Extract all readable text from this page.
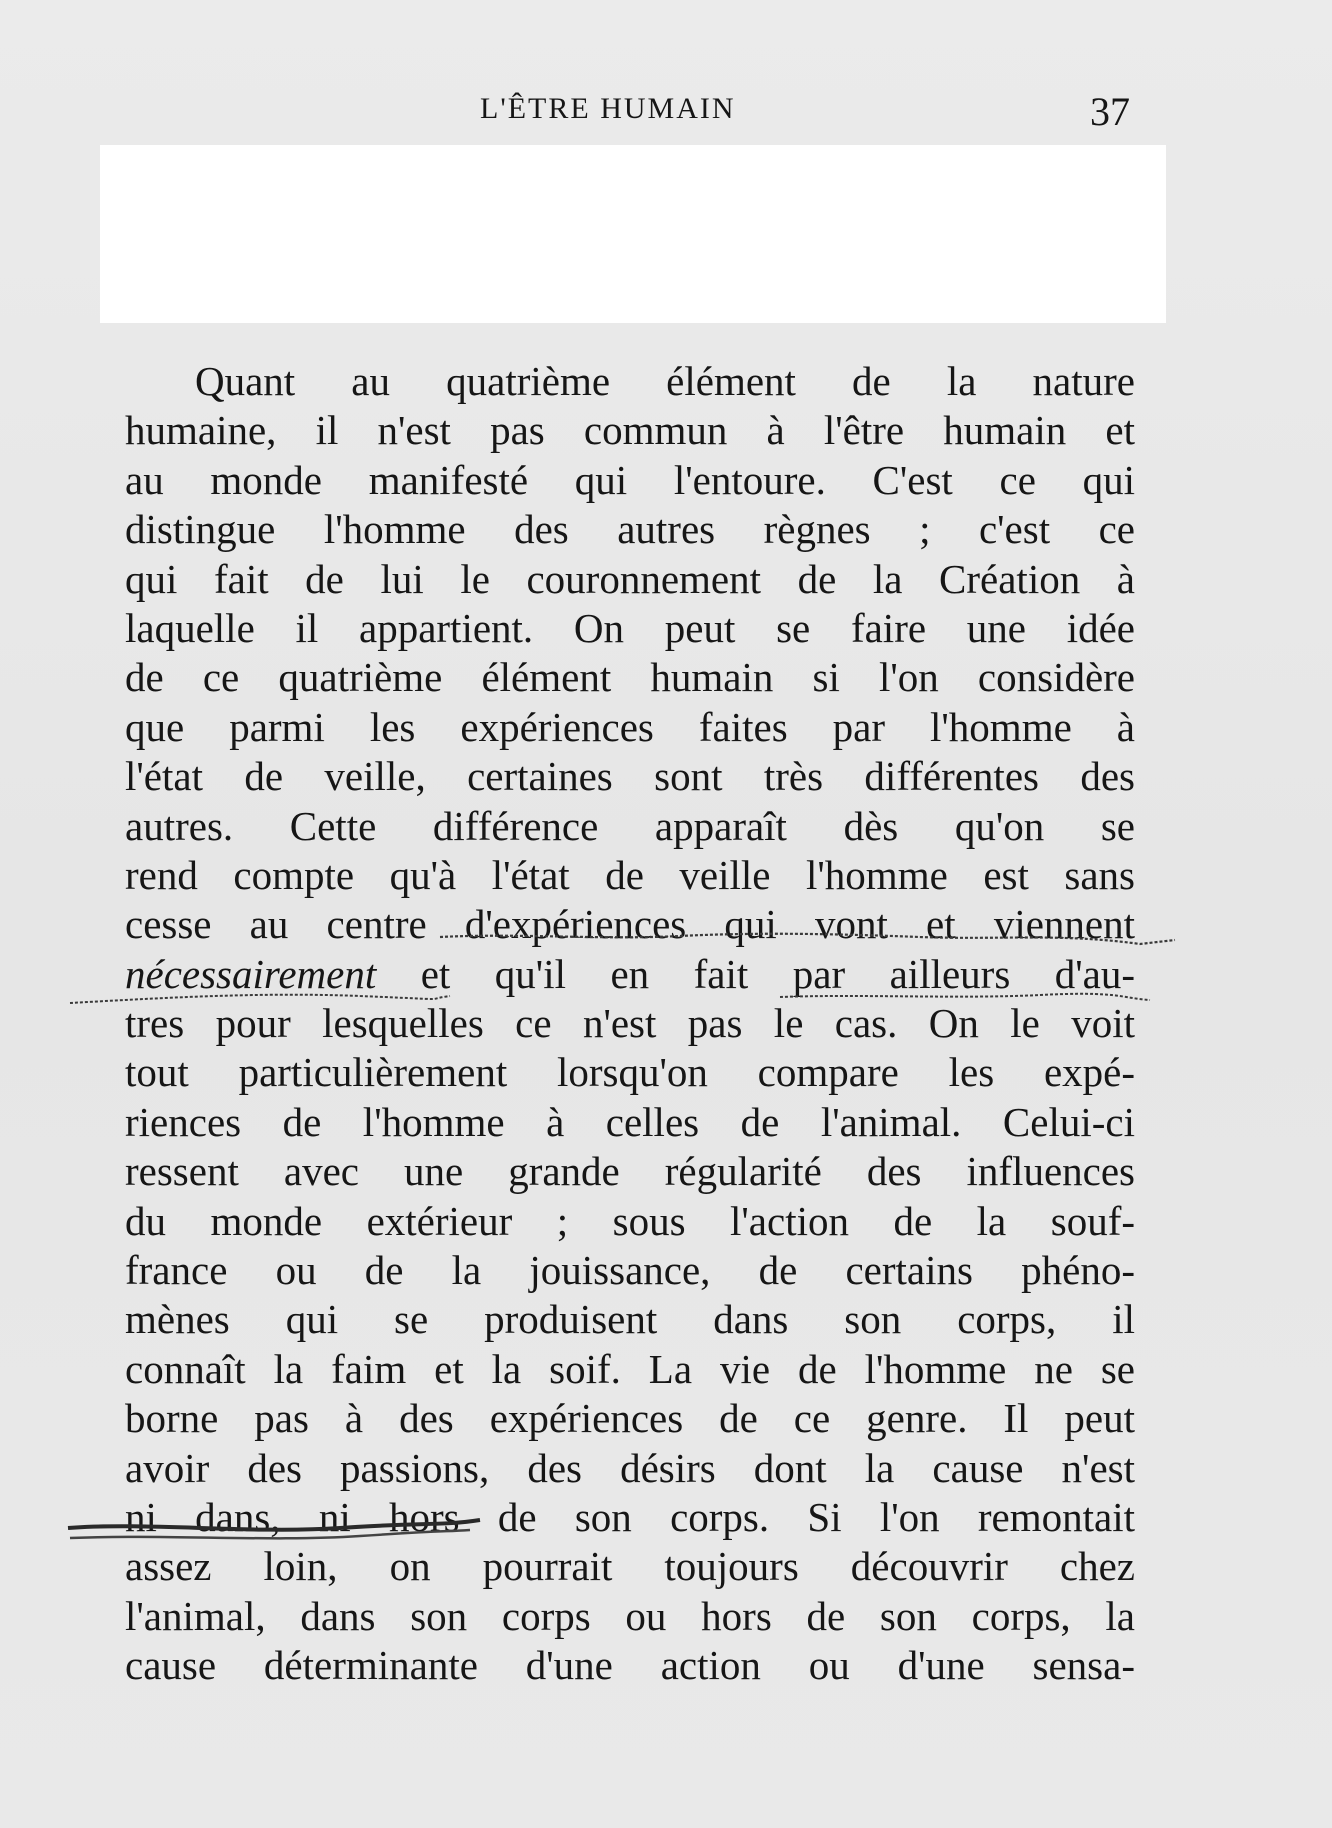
L'ÊTRE HUMAIN	37
Quant au quatrième élément de la nature
humaine, il n'est pas commun à l'être humain et
au monde manifesté qui l'entoure. C'est ce qui
distingue l'homme des autres règnes ; c'est ce
qui fait de lui le couronnement de la Création à
laquelle il appartient. On peut se faire une idée
de ce quatrième élément humain si l'on considère
que parmi les expériences faites par l'homme à
l'état de veille, certaines sont très différentes des
autres. Cette différence apparaît dès qu'on se
rend compte qu'à l'état de veille l'homme est sans
cesse au centre d'expériences qui vont et viennent
nécessairement et qu'il en fait par ailleurs d'au-
tres pour lesquelles ce n'est pas le cas. On le voit
tout particulièrement lorsqu'on compare les expé-
riences de l'homme à celles de l'animal. Celui-ci
ressent avec une grande régularité des influences
du monde extérieur ; sous l'action de la souf-
france ou de la jouissance, de certains phéno-
mènes qui se produisent dans son corps, il
connaît la faim et la soif. La vie de l'homme ne se
borne pas à des expériences de ce genre. Il peut
avoir des passions, des désirs dont la cause n'est
ni dans, ni hors de son corps. Si l'on remontait
assez loin, on pourrait toujours découvrir chez
l'animal, dans son corps ou hors de son corps, la
cause déterminante d'une action ou d'une sensa-
